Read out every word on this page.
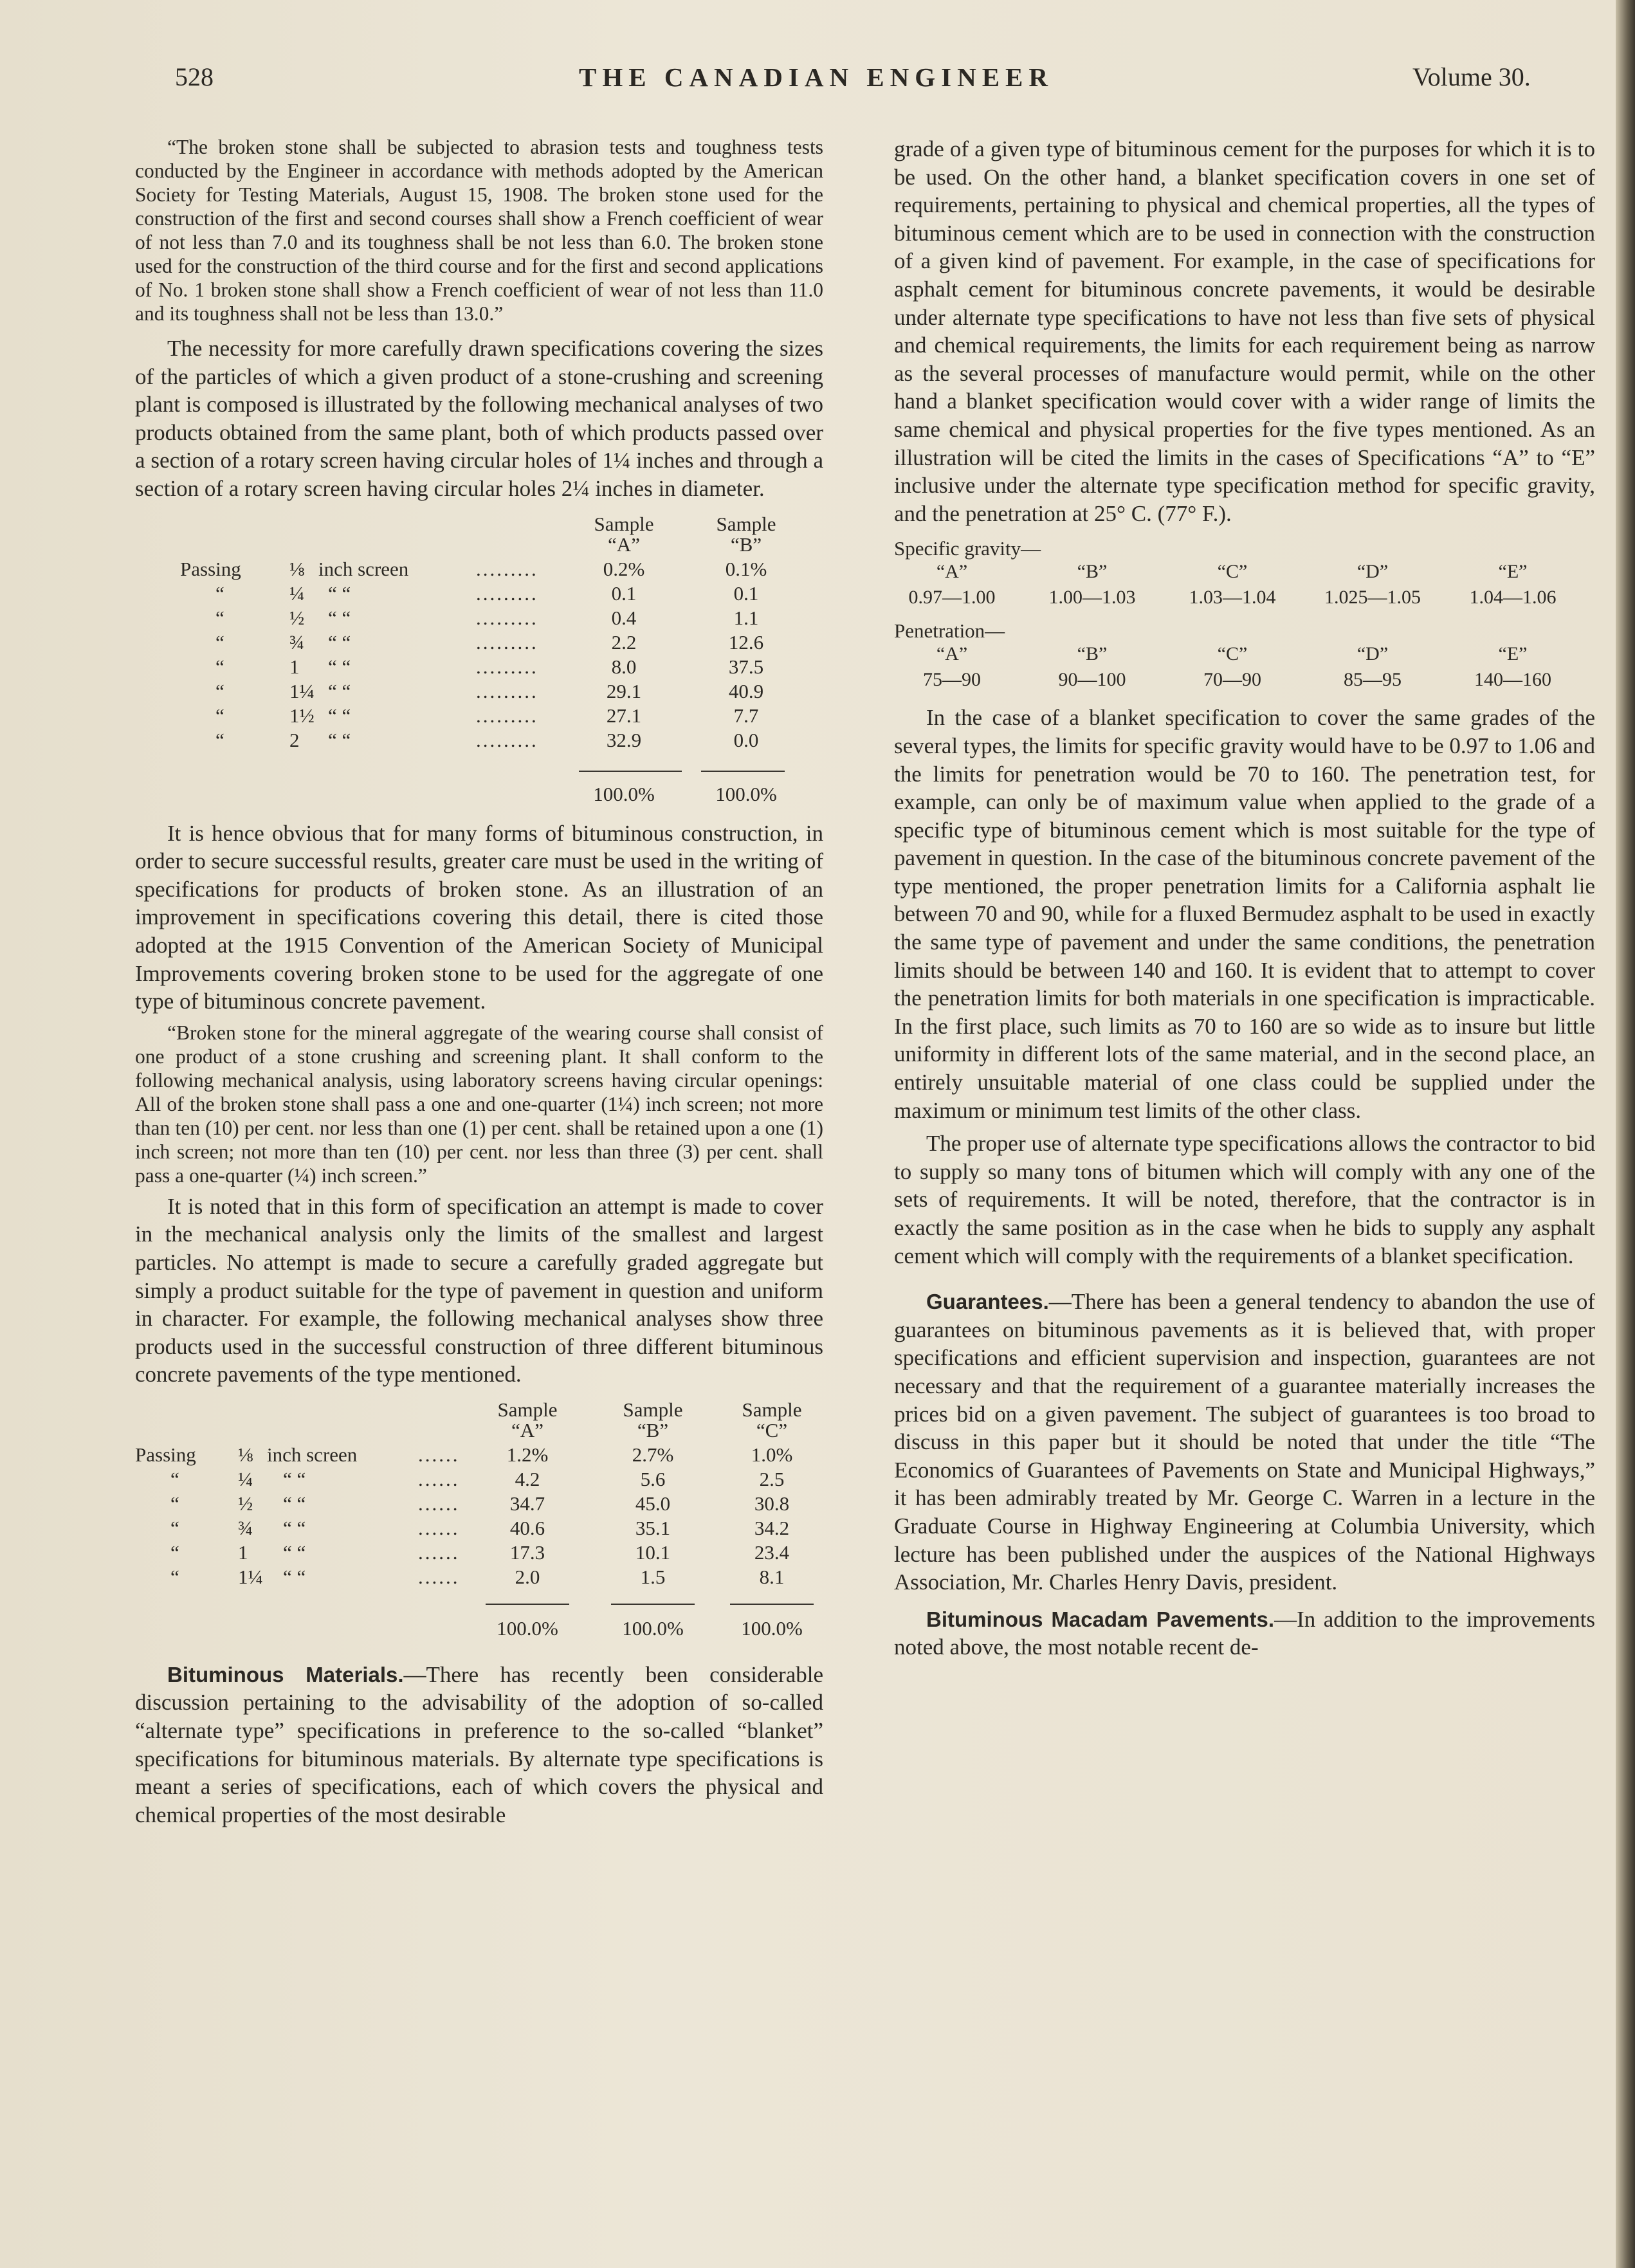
528	THE CANADIAN ENGINEER	Volume 30.

“The broken stone shall be subjected to abrasion tests and toughness tests conducted by the Engineer in accordance with methods adopted by the American Society for Testing Materials, August 15, 1908. The broken stone used for the construction of the first and second courses shall show a French coefficient of wear of not less than 7.0 and its toughness shall be not less than 6.0. The broken stone used for the construction of the third course and for the first and second applications of No. 1 broken stone shall show a French coefficient of wear of not less than 11.0 and its toughness shall not be less than 13.0.”

The necessity for more carefully drawn specifications covering the sizes of the particles of which a given product of a stone-crushing and screening plant is composed is illustrated by the following mechanical analyses of two products obtained from the same plant, both of which products passed over a section of a rotary screen having circular holes of 1¼ inches and through a section of a rotary screen having circular holes 2¼ inches in diameter.

Sample	Sample
“A”	“B”
Passing ⅛ inch screen	.........	0.2%	0.1%
“	¼ “ “	.........	0.1	0.1
“	½ “ “	.........	0.4	1.1
“	¾ “ “	.........	2.2	12.6
“	1 “ “	.........	8.0	37.5
“	1¼ “ “	.........	29.1	40.9
“	1½ “ “	.........	27.1	7.7
“	2 “ “	.........	32.9	0.0
100.0%	100.0%

It is hence obvious that for many forms of bituminous construction, in order to secure successful results, greater care must be used in the writing of specifications for products of broken stone. As an illustration of an improvement in specifications covering this detail, there is cited those adopted at the 1915 Convention of the American Society of Municipal Improvements covering broken stone to be used for the aggregate of one type of bituminous concrete pavement.

“Broken stone for the mineral aggregate of the wearing course shall consist of one product of a stone crushing and screening plant. It shall conform to the following mechanical analysis, using laboratory screens having circular openings: All of the broken stone shall pass a one and one-quarter (1¼) inch screen; not more than ten (10) per cent. nor less than one (1) per cent. shall be retained upon a one (1) inch screen; not more than ten (10) per cent. nor less than three (3) per cent. shall pass a one-quarter (¼) inch screen.”

It is noted that in this form of specification an attempt is made to cover in the mechanical analysis only the limits of the smallest and largest particles. No attempt is made to secure a carefully graded aggregate but simply a product suitable for the type of pavement in question and uniform in character. For example, the following mechanical analyses show three products used in the successful construction of three different bituminous concrete pavements of the type mentioned.

Sample	Sample	Sample
“A”	“B”	“C”
Passing ⅛ inch screen	......	1.2%	2.7%	1.0%
“	¼ “ “	......	4.2	5.6	2.5
“	½ “ “	......	34.7	45.0	30.8
“	¾ “ “	......	40.6	35.1	34.2
“	1 “ “	......	17.3	10.1	23.4
“	1¼ “ “	......	2.0	1.5	8.1
100.0%	100.0%	100.0%

Bituminous Materials.—There has recently been considerable discussion pertaining to the advisability of the adoption of so-called “alternate type” specifications in preference to the so-called “blanket” specifications for bituminous materials. By alternate type specifications is meant a series of specifications, each of which covers the physical and chemical properties of the most desirable

grade of a given type of bituminous cement for the purposes for which it is to be used. On the other hand, a blanket specification covers in one set of requirements, pertaining to physical and chemical properties, all the types of bituminous cement which are to be used in connection with the construction of a given kind of pavement. For example, in the case of specifications for asphalt cement for bituminous concrete pavements, it would be desirable under alternate type specifications to have not less than five sets of physical and chemical requirements, the limits for each requirement being as narrow as the several processes of manufacture would permit, while on the other hand a blanket specification would cover with a wider range of limits the same chemical and physical properties for the five types mentioned. As an illustration will be cited the limits in the cases of Specifications “A” to “E” inclusive under the alternate type specification method for specific gravity, and the penetration at 25° C. (77° F.).

Specific gravity—
“A”	“B”	“C”	“D”	“E”
0.97—1.00	1.00—1.03	1.03—1.04	1.025—1.05	1.04—1.06
Penetration—
“A”	“B”	“C”	“D”	“E”
75—90	90—100	70—90	85—95	140—160

In the case of a blanket specification to cover the same grades of the several types, the limits for specific gravity would have to be 0.97 to 1.06 and the limits for penetration would be 70 to 160. The penetration test, for example, can only be of maximum value when applied to the grade of a specific type of bituminous cement which is most suitable for the type of pavement in question. In the case of the bituminous concrete pavement of the type mentioned, the proper penetration limits for a California asphalt lie between 70 and 90, while for a fluxed Bermudez asphalt to be used in exactly the same type of pavement and under the same conditions, the penetration limits should be between 140 and 160. It is evident that to attempt to cover the penetration limits for both materials in one specification is impracticable. In the first place, such limits as 70 to 160 are so wide as to insure but little uniformity in different lots of the same material, and in the second place, an entirely unsuitable material of one class could be supplied under the maximum or minimum test limits of the other class.

The proper use of alternate type specifications allows the contractor to bid to supply so many tons of bitumen which will comply with any one of the sets of requirements. It will be noted, therefore, that the contractor is in exactly the same position as in the case when he bids to supply any asphalt cement which will comply with the requirements of a blanket specification.

Guarantees.—There has been a general tendency to abandon the use of guarantees on bituminous pavements as it is believed that, with proper specifications and efficient supervision and inspection, guarantees are not necessary and that the requirement of a guarantee materially increases the prices bid on a given pavement. The subject of guarantees is too broad to discuss in this paper but it should be noted that under the title “The Economics of Guarantees of Pavements on State and Municipal Highways,” it has been admirably treated by Mr. George C. Warren in a lecture in the Graduate Course in Highway Engineering at Columbia University, which lecture has been published under the auspices of the National Highways Association, Mr. Charles Henry Davis, president.

Bituminous Macadam Pavements.—In addition to the improvements noted above, the most notable recent de-
